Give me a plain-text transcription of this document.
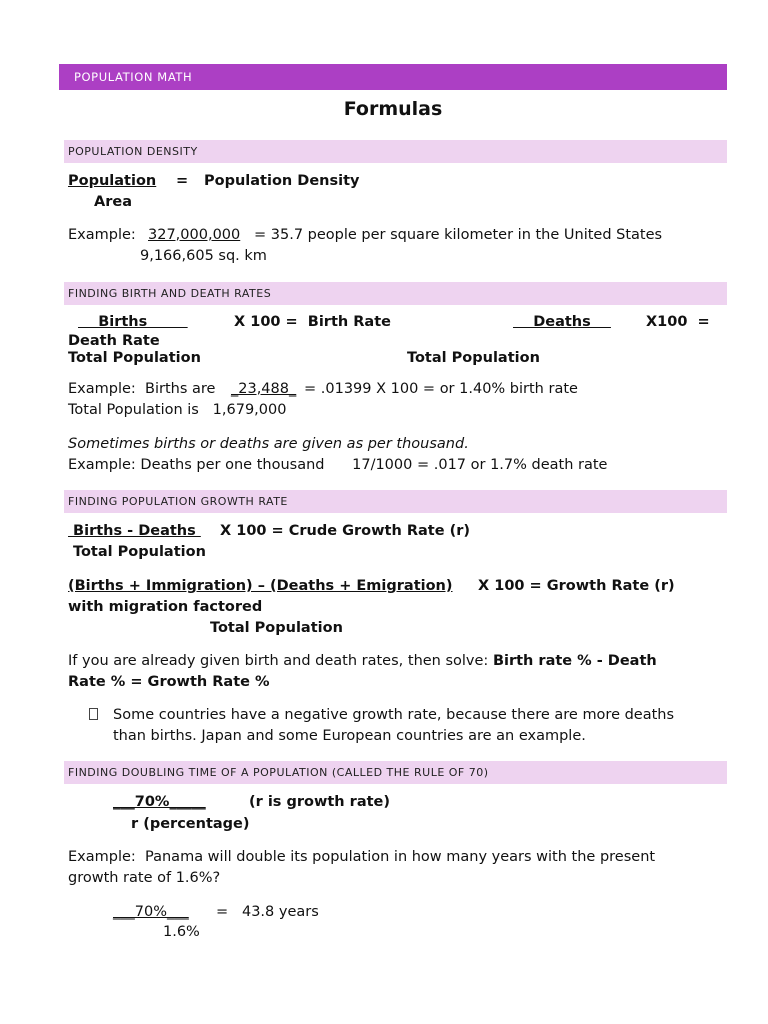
POPULATION MATH
Formulas
POPULATION DENSITY
Population = Population Density
Area
Example: 327,000,000 = 35.7 people per square kilometer in the United States
9,166,605 sq. km
FINDING BIRTH AND DEATH RATES
Births	X 100 =  Birth Rate	Deaths X100  =
Death Rate
Total Population	Total Population
Example:  Births are _23,488_ = .01399 X 100 = or 1.40% birth rate
Total Population is   1,679,000
Sometimes births or deaths are given as per thousand.
Example: Deaths per one thousand      17/1000 = .017 or 1.7% death rate
FINDING POPULATION GROWTH RATE
Births - Deaths X 100 = Crude Growth Rate (r)
Total Population
(Births + Immigration) – (Deaths + Emigration) X 100 = Growth Rate (r)
with migration factored
Total Population
If you are already given birth and death rates, then solve: Birth rate % - Death
Rate % = Growth Rate %
Some countries have a negative growth rate, because there are more deaths
than births. Japan and some European countries are an example.
FINDING DOUBLING TIME OF A POPULATION (CALLED THE RULE OF 70)
___70%_____	(r is growth rate)
r (percentage)
Example:  Panama will double its population in how many years with the present
growth rate of 1.6%?
___70%___ =   43.8 years
1.6%
